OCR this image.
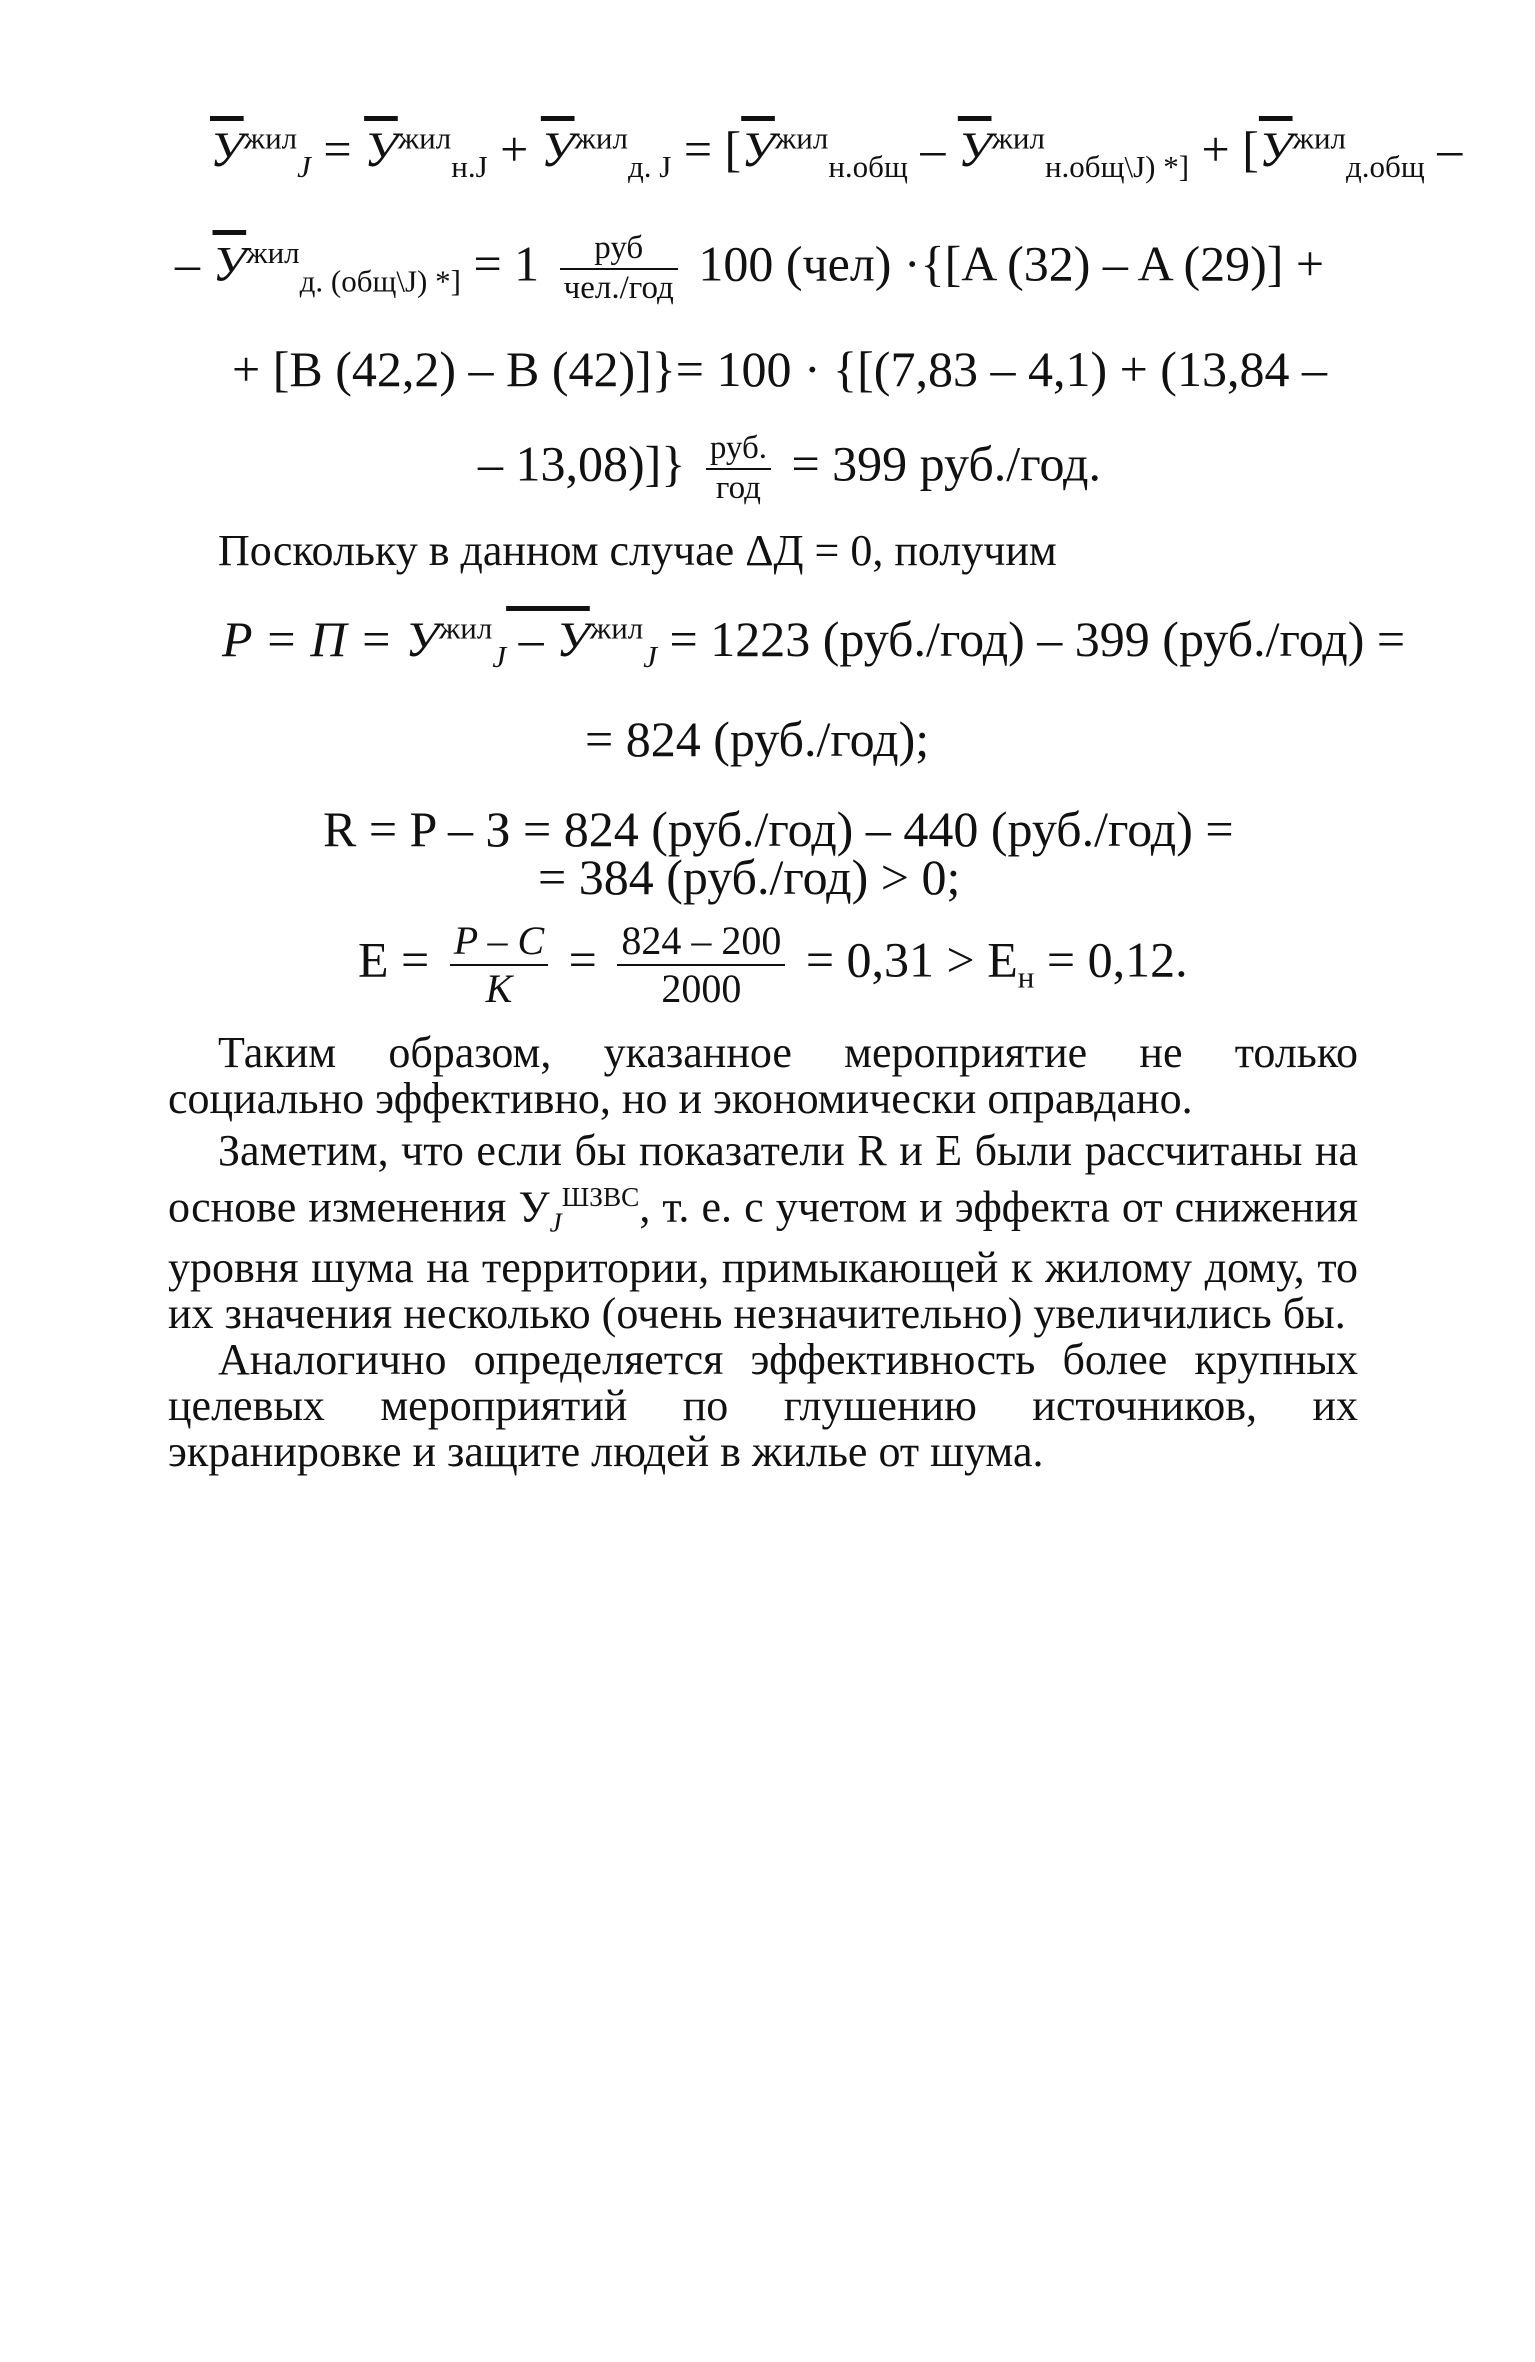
$У^{жил}_J = У^{жил}_{н.J} + У^{жил}_{д. J} = [У^{жил}_{н.общ} - У^{жил}_{н.общ\backslash J) *]} + [У^{жил}_{д.общ}$ –
– $У^{жил}_{д. (общ\backslash J) *]} = 1 \frac{\text{руб}}{\text{чел./год}} 100$ (чел) ·{[A (32) – A (29)] +
+ [B (42,2) – B (42)]}= 100 · {[(7,83 – 4,1) + (13,84 –
– $13,08)]\} \frac{\text{руб.}}{\text{год}} = 399$ руб./год.
Поскольку в данном случае ΔД = 0, получим
$P = П = У^{жил}_J - У^{жил}_J = 1223$ (руб./год) – 399 (руб./год) =
= 824 (руб./год);
R = P – З = 824 (руб./год) – 440 (руб./год) =
= 384 (руб./год) > 0;
$E = \frac{P - C}{K} = \frac{824 - 200}{2000} = 0,31 > E_н = 0,12$.

Таким образом, указанное мероприятие не только социально эффективно, но и экономически оправдано.

Заметим, что если бы показатели R и E были рассчитаны на основе изменения $У_J^{ШЗВС}$, т. е. с учетом и эффекта от снижения уровня шума на территории, примыкающей к жилому дому, то их значения несколько (очень незначительно) увеличились бы.

Аналогично определяется эффективность более крупных целевых мероприятий по глушению источников, их экранировке и защите людей в жилье от шума.
